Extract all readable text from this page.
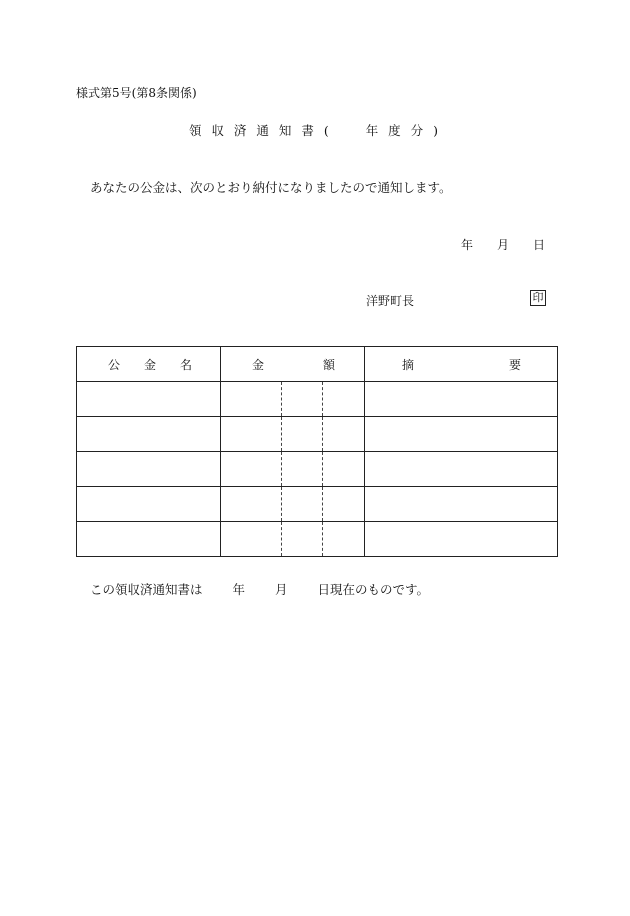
様式第5号(第8条関係)
領 収 済 通 知 書 (	年 度 分 )
あなたの公金は、次のとおり納付になりましたので通知します。
年 月 日
洋野町長	印
公 金 名	金 額	摘 要

この領収済通知書は 年 月 日現在のものです。
